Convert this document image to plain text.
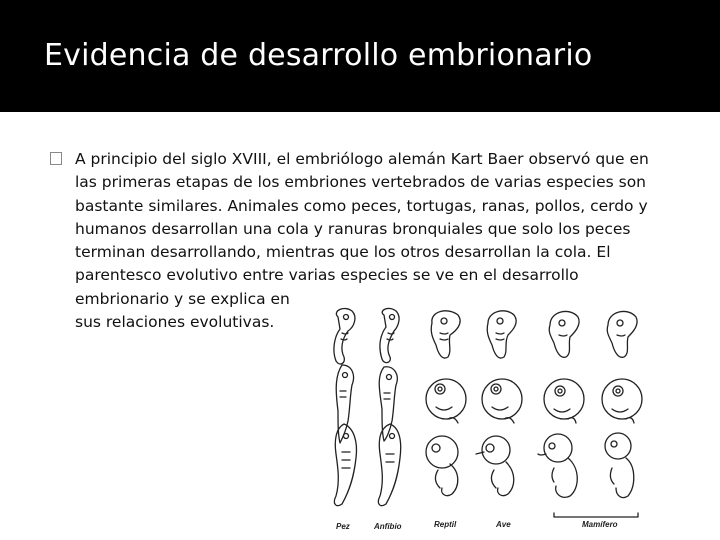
Evidencia de desarrollo embrionario
A principio del siglo XVIII, el embriólogo alemán Kart Baer observó que en
las primeras etapas de los embriones vertebrados de varias especies son
bastante similares. Animales como peces, tortugas, ranas, pollos, cerdo y
humanos desarrollan una cola y ranuras bronquiales que solo los peces
terminan desarrollando, mientras que los otros desarrollan la cola. El
parentesco evolutivo entre varias especies se ve en el desarrollo
embrionario y se explica en
sus relaciones evolutivas.
Pez	Anfibio	Reptil	Ave	Mamífero
